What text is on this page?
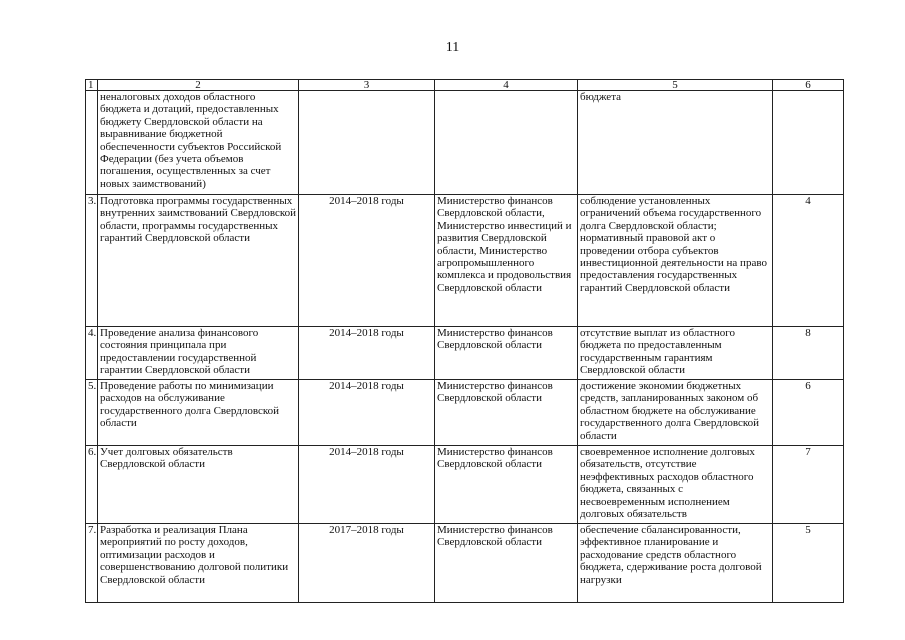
11
1	2	3	4	5	6
	неналоговых доходов областного бюджета и дотаций, предоставленных бюджету Свердловской области на выравнивание бюджетной обеспеченности субъектов Российской Федерации (без учета объемов погашения, осуществленных за счет новых заимствований)			бюджета	
3.	Подготовка программы государственных внутренних заимствований Свердловской области, программы государственных гарантий Свердловской области	2014–2018 годы	Министерство финансов Свердловской области, Министерство инвестиций и развития Свердловской области, Министерство агропромышленного комплекса и продовольствия Свердловской области	соблюдение установленных ограничений объема государственного долга Свердловской области; нормативный правовой акт о проведении отбора субъектов инвестиционной деятельности на право предоставления государственных гарантий Свердловской области	4
4.	Проведение анализа финансового состояния принципала при предоставлении государственной гарантии Свердловской области	2014–2018 годы	Министерство финансов Свердловской области	отсутствие выплат из областного бюджета по предоставленным государственным гарантиям Свердловской области	8
5.	Проведение работы по минимизации расходов на обслуживание государственного долга Свердловской области	2014–2018 годы	Министерство финансов Свердловской области	достижение экономии бюджетных средств, запланированных законом об областном бюджете на обслуживание государственного долга Свердловской области	6
6.	Учет долговых обязательств Свердловской области	2014–2018 годы	Министерство финансов Свердловской области	своевременное исполнение долговых обязательств, отсутствие неэффективных расходов областного бюджета, связанных с несвоевременным исполнением долговых обязательств	7
7.	Разработка и реализация Плана мероприятий по росту доходов, оптимизации расходов и совершенствованию долговой политики Свердловской области	2017–2018 годы	Министерство финансов Свердловской области	обеспечение сбалансированности, эффективное планирование и расходование средств областного бюджета, сдерживание роста долговой нагрузки	5
